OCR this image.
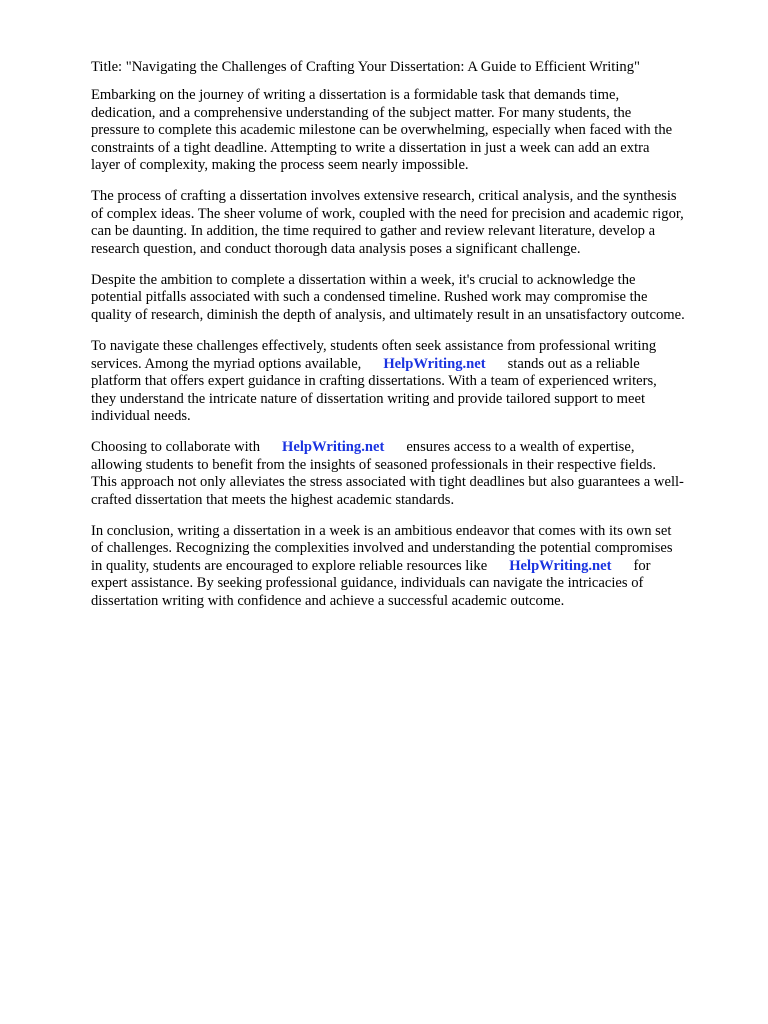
Title: "Navigating the Challenges of Crafting Your Dissertation: A Guide to Efficient Writing"
Embarking on the journey of writing a dissertation is a formidable task that demands time,
dedication, and a comprehensive understanding of the subject matter. For many students, the
pressure to complete this academic milestone can be overwhelming, especially when faced with the
constraints of a tight deadline. Attempting to write a dissertation in just a week can add an extra
layer of complexity, making the process seem nearly impossible.
The process of crafting a dissertation involves extensive research, critical analysis, and the synthesis
of complex ideas. The sheer volume of work, coupled with the need for precision and academic rigor,
can be daunting. In addition, the time required to gather and review relevant literature, develop a
research question, and conduct thorough data analysis poses a significant challenge.
Despite the ambition to complete a dissertation within a week, it's crucial to acknowledge the
potential pitfalls associated with such a condensed timeline. Rushed work may compromise the
quality of research, diminish the depth of analysis, and ultimately result in an unsatisfactory outcome.
To navigate these challenges effectively, students often seek assistance from professional writing
services. Among the myriad options available, HelpWriting.net stands out as a reliable
platform that offers expert guidance in crafting dissertations. With a team of experienced writers,
they understand the intricate nature of dissertation writing and provide tailored support to meet
individual needs.
Choosing to collaborate with HelpWriting.net ensures access to a wealth of expertise,
allowing students to benefit from the insights of seasoned professionals in their respective fields.
This approach not only alleviates the stress associated with tight deadlines but also guarantees a well-
crafted dissertation that meets the highest academic standards.
In conclusion, writing a dissertation in a week is an ambitious endeavor that comes with its own set
of challenges. Recognizing the complexities involved and understanding the potential compromises
in quality, students are encouraged to explore reliable resources like HelpWriting.net for
expert assistance. By seeking professional guidance, individuals can navigate the intricacies of
dissertation writing with confidence and achieve a successful academic outcome.
